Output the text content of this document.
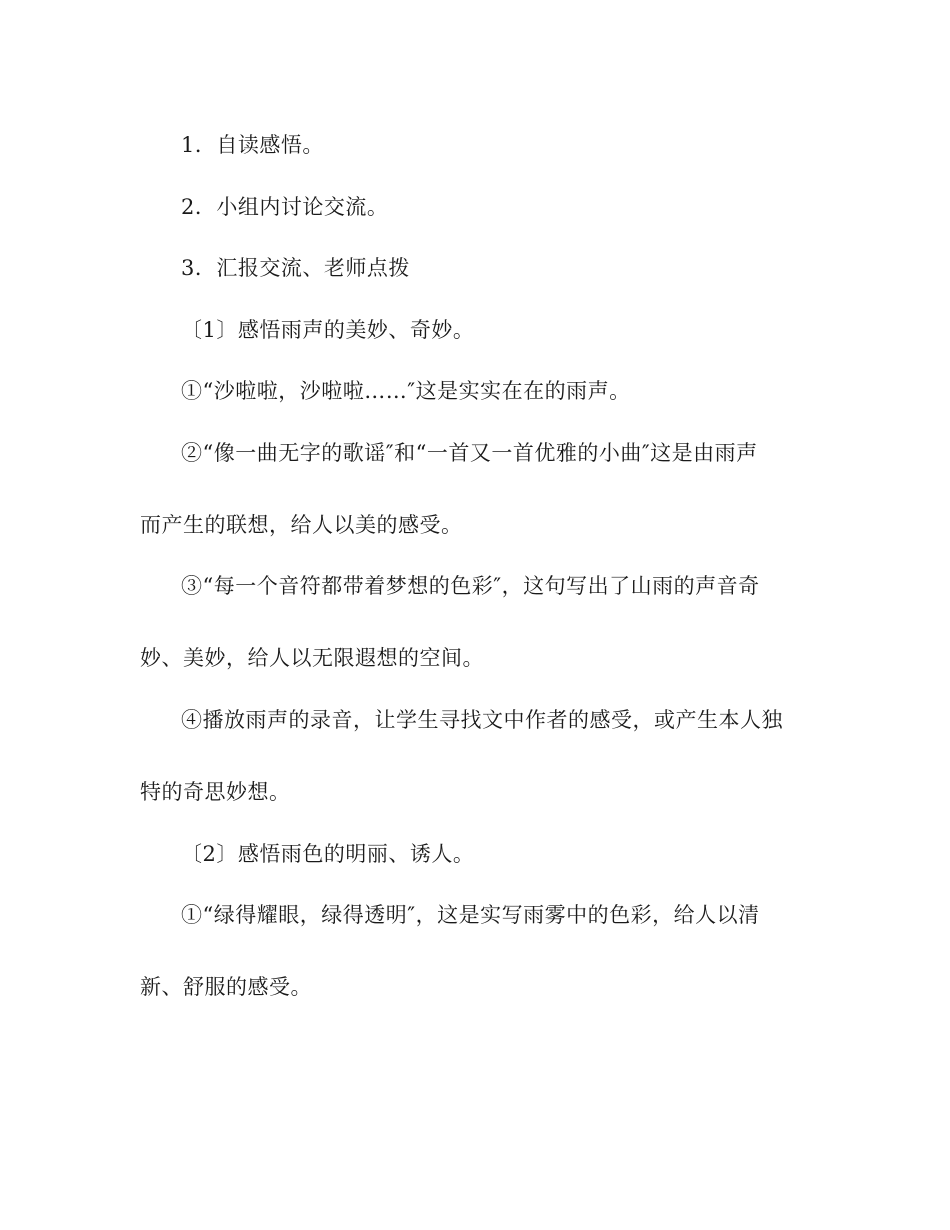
1．自读感悟。
2．小组内讨论交流。
3．汇报交流、老师点拨
〔1〕感悟雨声的美妙、奇妙。
①“沙啦啦，沙啦啦……″这是实实在在的雨声。
②“像一曲无字的歌谣″和“一首又一首优雅的小曲″这是由雨声
而产生的联想，给人以美的感受。
③“每一个音符都带着梦想的色彩″，这句写出了山雨的声音奇
妙、美妙，给人以无限遐想的空间。
④播放雨声的录音，让学生寻找文中作者的感受，或产生本人独
特的奇思妙想。
〔2〕感悟雨色的明丽、诱人。
①“绿得耀眼，绿得透明″，这是实写雨雾中的色彩，给人以清
新、舒服的感受。
